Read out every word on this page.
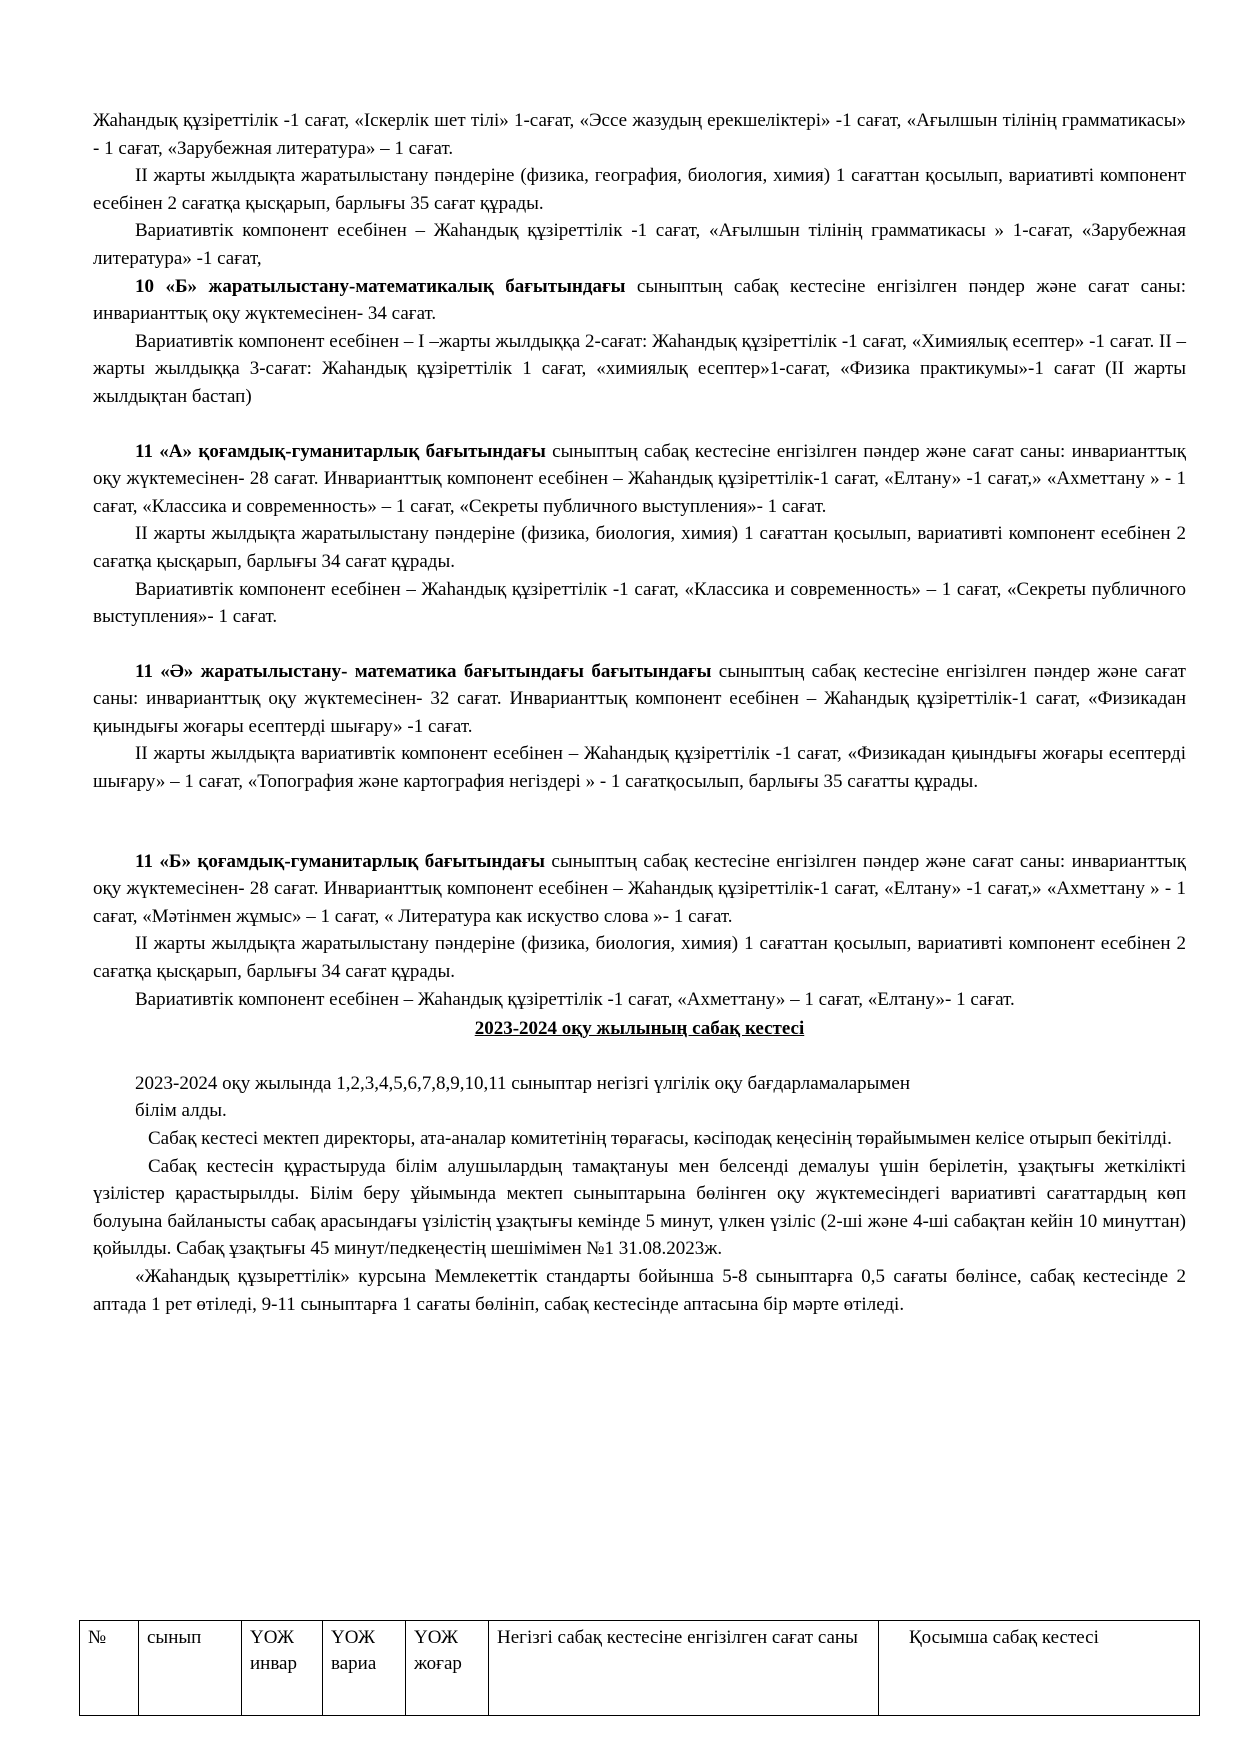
Жаһандық құзіреттілік -1 сағат, «Іскерлік шет тілі» 1-сағат, «Эссе жазудың ерекшеліктері» -1 сағат, «Ағылшын тілінің грамматикасы» - 1 сағат, «Зарубежная литература» – 1 сағат.

ІІ жарты жылдықта жаратылыстану пәндеріне (физика, география, биология, химия) 1 сағаттан қосылып, вариативті компонент есебінен 2 сағатқа қысқарып, барлығы 35 сағат құрады.

Вариативтік компонент есебінен – Жаһандық құзіреттілік -1 сағат, «Ағылшын тілінің грамматикасы » 1-сағат, «Зарубежная литература» -1 сағат,

10 «Б» жаратылыстану-математикалық бағытындағы сыныптың сабақ кестесіне енгізілген пәндер және сағат саны: инварианттық оқу жүктемесінен- 34 сағат.

Вариативтік компонент есебінен – І –жарты жылдыққа 2-сағат: Жаһандық құзіреттілік -1 сағат, «Химиялық есептер» -1 сағат. ІІ –жарты жылдыққа 3-сағат: Жаһандық құзіреттілік 1 сағат, «химиялық есептер»1-сағат, «Физика практикумы»-1 сағат (ІІ жарты жылдықтан бастап)

11 «А» қоғамдық-гуманитарлық бағытындағы сыныптың сабақ кестесіне енгізілген пәндер және сағат саны: инварианттық оқу жүктемесінен- 28 сағат. Инварианттық компонент есебінен – Жаһандық құзіреттілік-1 сағат, «Елтану» -1 сағат,» «Ахметтану » - 1 сағат, «Классика и современность» – 1 сағат, «Секреты публичного выступления»- 1 сағат.

ІІ жарты жылдықта жаратылыстану пәндеріне (физика, биология, химия) 1 сағаттан қосылып, вариативті компонент есебінен 2 сағатқа қысқарып, барлығы 34 сағат құрады.

Вариативтік компонент есебінен – Жаһандық құзіреттілік -1 сағат, «Классика и современность» – 1 сағат, «Секреты публичного выступления»- 1 сағат.

11 «Ә» жаратылыстану- математика бағытындағы бағытындағы сыныптың сабақ кестесіне енгізілген пәндер және сағат саны: инварианттық оқу жүктемесінен- 32 сағат. Инварианттық компонент есебінен – Жаһандық құзіреттілік-1 сағат, «Физикадан қиындығы жоғары есептерді шығару» -1 сағат.

ІІ жарты жылдықта вариативтік компонент есебінен – Жаһандық құзіреттілік -1 сағат, «Физикадан қиындығы жоғары есептерді шығару» – 1 сағат, «Топография және картография негіздері » - 1 сағатқосылып, барлығы 35 сағатты құрады.

11 «Б» қоғамдық-гуманитарлық бағытындағы сыныптың сабақ кестесіне енгізілген пәндер және сағат саны: инварианттық оқу жүктемесінен- 28 сағат. Инварианттық компонент есебінен – Жаһандық құзіреттілік-1 сағат, «Елтану» -1 сағат,» «Ахметтану » - 1 сағат, «Мәтінмен жұмыс» – 1 сағат, « Литература как искуство слова »- 1 сағат.

ІІ жарты жылдықта жаратылыстану пәндеріне (физика, биология, химия) 1 сағаттан қосылып, вариативті компонент есебінен 2 сағатқа қысқарып, барлығы 34 сағат құрады.

Вариативтік компонент есебінен – Жаһандық құзіреттілік -1 сағат, «Ахметтану» – 1 сағат, «Елтану»- 1 сағат.

2023-2024 оқу жылының сабақ кестесі

2023-2024 оқу жылында 1,2,3,4,5,6,7,8,9,10,11 сыныптар негізгі үлгілік оқу бағдарламаларымен

білім алды.

Сабақ кестесі мектеп директоры, ата-аналар комитетінің төрағасы, кәсіподақ кеңесінің төрайымымен келісе отырып бекітілді.

Сабақ кестесін құрастыруда білім алушылардың тамақтануы мен белсенді демалуы үшін берілетін, ұзақтығы жеткілікті үзілістер қарастырылды. Білім беру ұйымында мектеп сыныптарына бөлінген оқу жүктемесіндегі вариативті сағаттардың көп болуына байланысты сабақ арасындағы үзілістің ұзақтығы кемінде 5 минут, үлкен үзіліс (2-ші және 4-ші сабақтан кейін 10 минуттан) қойылды. Сабақ ұзақтығы 45 минут/педкеңестің шешімімен №1 31.08.2023ж.

«Жаһандық құзыреттілік» курсына Мемлекеттік стандарты бойынша 5-8 сыныптарға 0,5 сағаты бөлінсе, сабақ кестесінде 2 аптада 1 рет өтіледі, 9-11 сыныптарға 1 сағаты бөлініп, сабақ кестесінде аптасына бір мәрте өтіледі.

№	сынып	ҮОЖ инвар	ҮОЖ вариа	ҮОЖ жоғар	Негізгі сабақ кестесіне енгізілген сағат саны	Қосымша сабақ кестесі
